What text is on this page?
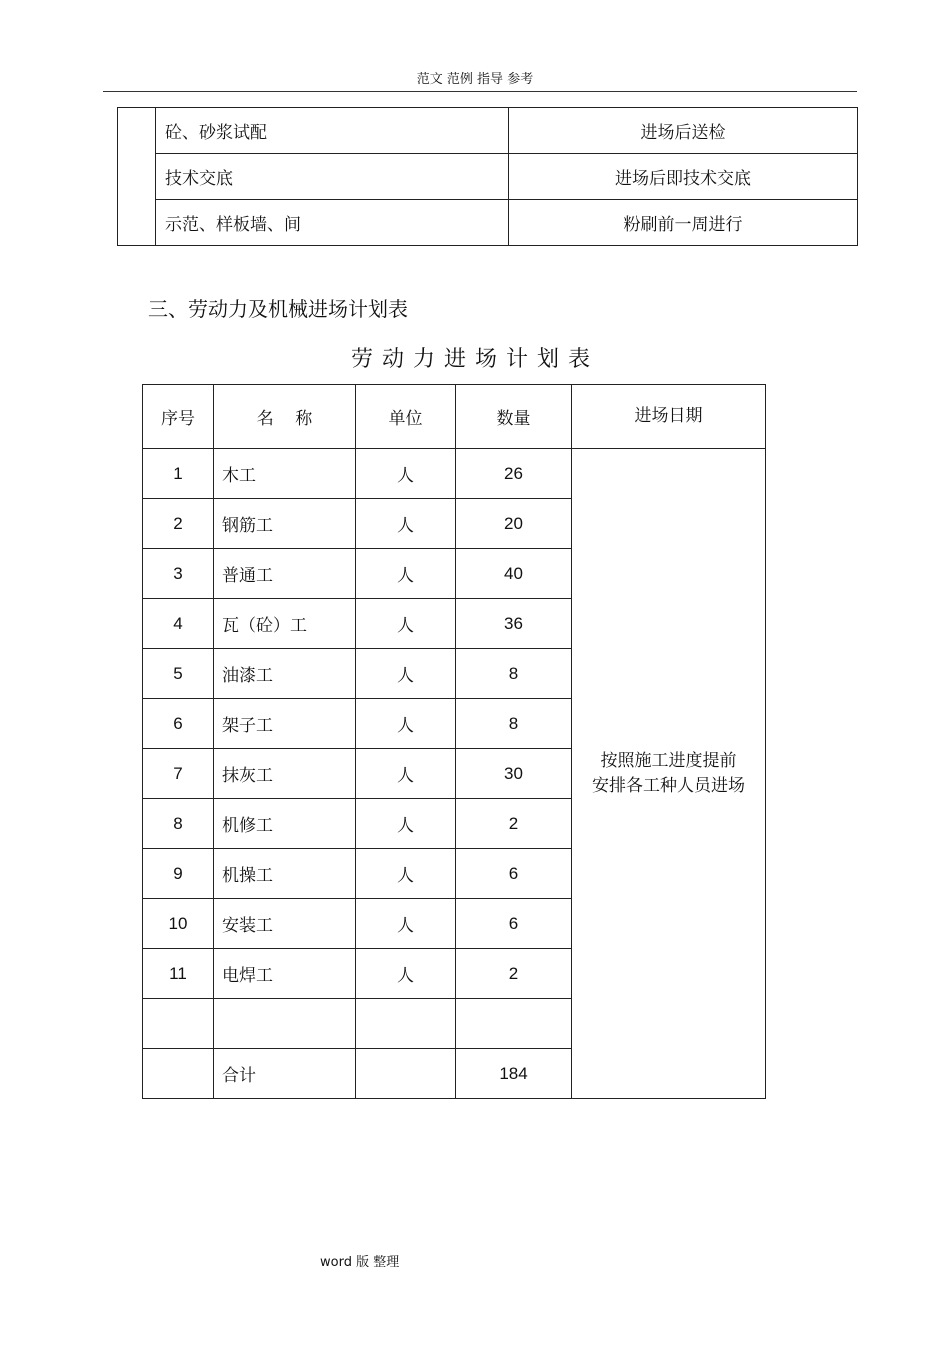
范文 范例 指导 参考
	砼、砂浆试配	进场后送检
	技术交底	进场后即技术交底
	示范、样板墙、间	粉刷前一周进行
三、劳动力及机械进场计划表
劳动力进场计划表
序号	名    称	单位	数量	进场日期
1	木工	人	26	按照施工进度提前
安排各工种人员进场

2	钢筋工	人	20	
3	普通工	人	40	
4	瓦（砼）工	人	36	
5	油漆工	人	8	
6	架子工	人	8	
7	抹灰工	人	30	
8	机修工	人	2	
9	机操工	人	6	
10	安装工	人	6	
11	电焊工	人	2	

	合计		184	
word 版 整理
